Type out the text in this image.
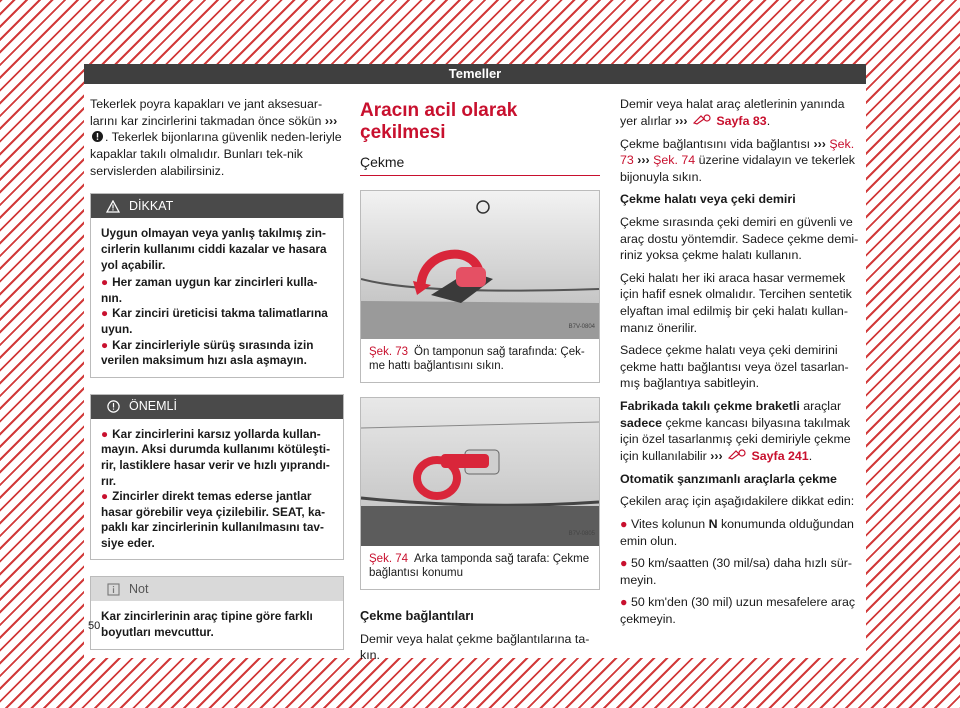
Temeller

Tekerlek poyra kapakları ve jant aksesuar-larını kar zincirlerini takmadan önce sökün ››› . Tekerlek bijonlarına güvenlik neden-leriyle kapaklar takılı olmalıdır. Bunları tek-nik servislerden alabilirsiniz.

DİKKAT
Uygun olmayan veya yanlış takılmış zin-cirlerin kullanımı ciddi kazalar ve hasara yol açabilir.
● Her zaman uygun kar zincirleri kulla-nın.
● Kar zinciri üreticisi takma talimatlarına uyun.
● Kar zincirleriyle sürüş sırasında izin verilen maksimum hızı asla aşmayın.
ÖNEMLİ
● Kar zincirlerini karsız yollarda kullan-mayın. Aksi durumda kullanımı kötüleşti-rir, lastiklere hasar verir ve hızlı yıprandı-rır.
● Zincirler direkt temas ederse jantlar hasar görebilir veya çizilebilir. SEAT, ka-paklı kar zincirlerinin kullanılmasını tav-siye eder.
Not
Kar zincirlerinin araç tipine göre farklı boyutları mevcuttur.
Aracın acil olarak çekilmesi
Çekme
B7V-0804
Şek. 73 Ön tamponun sağ tarafında: Çek-me hattı bağlantısını sıkın.
B7V-0805
Şek. 74 Arka tamponda sağ tarafa: Çekme bağlantısı konumu
Çekme bağlantıları

Demir veya halat çekme bağlantılarına ta-kın.

Demir veya halat araç aletlerinin yanında yer alırlar ››› Sayfa 83.

Çekme bağlantısını vida bağlantısı ››› Şek. 73 ››› Şek. 74 üzerine vidalayın ve tekerlek bijonuyla sıkın.

Çekme halatı veya çeki demiri

Çekme sırasında çeki demiri en güvenli ve araç dostu yöntemdir. Sadece çekme demi-riniz yoksa çekme halatı kullanın.

Çeki halatı her iki araca hasar vermemek için hafif esnek olmalıdır. Tercihen sentetik elyaftan imal edilmiş bir çeki halatı kullan-manız önerilir.

Sadece çekme halatı veya çeki demirini çekme hattı bağlantısı veya özel tasarlan-mış bağlantıya sabitleyin.

Fabrikada takılı çekme braketli araçlar sadece çekme kancası bilyasına takılmak için özel tasarlanmış çeki demiriyle çekme için kullanılabilir ››› Sayfa 241.

Otomatik şanzımanlı araçlarla çekme

Çekilen araç için aşağıdakilere dikkat edin:

● Vites kolunun N konumunda olduğundan emin olun.

● 50 km/saatten (30 mil/sa) daha hızlı sür-meyin.

● 50 km'den (30 mil) uzun mesafelere araç çekmeyin.

50
